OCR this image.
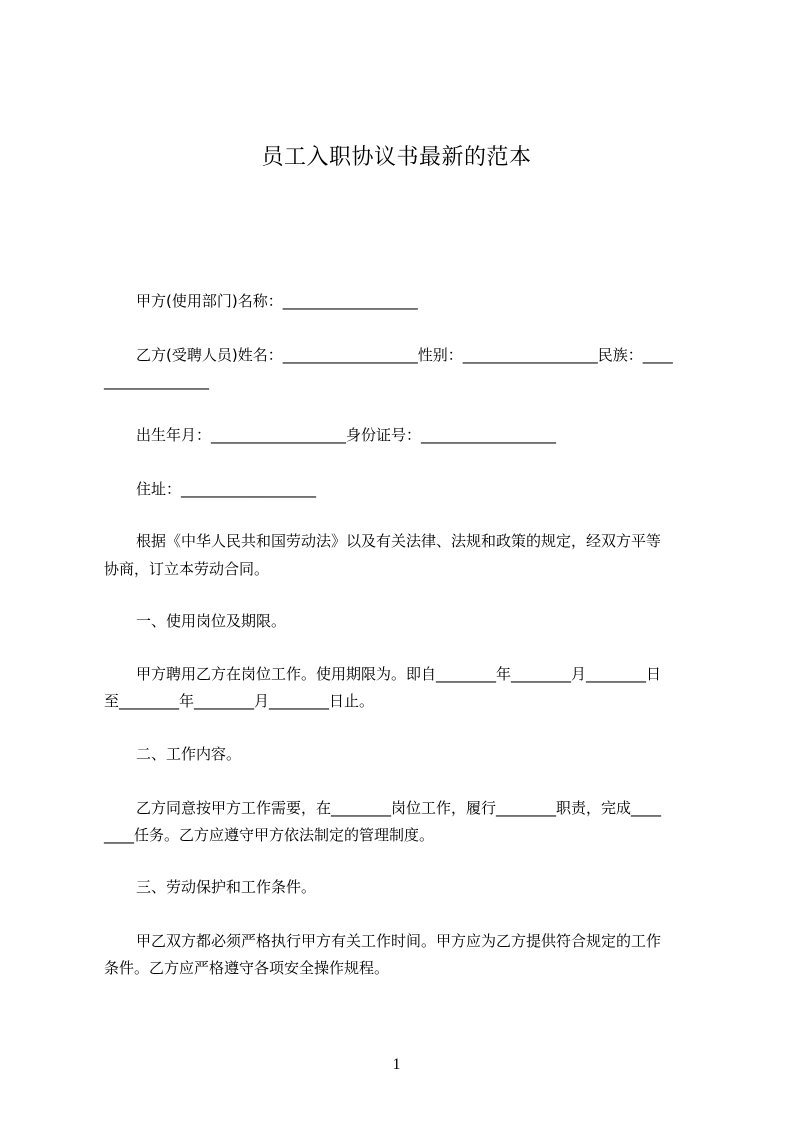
员工入职协议书最新的范本
甲方(使用部门)名称：__________________
乙方(受聘人员)姓名：__________________性别：__________________民族：____
______________
出生年月：__________________身份证号：__________________
住址：__________________
根据《中华人民共和国劳动法》以及有关法律、法规和政策的规定，经双方平等
协商，订立本劳动合同。
一、使用岗位及期限。
甲方聘用乙方在岗位工作。使用期限为。即自________年________月________日
至________年________月________日止。
二、工作内容。
乙方同意按甲方工作需要，在________岗位工作，履行________职责，完成____
____任务。乙方应遵守甲方依法制定的管理制度。
三、劳动保护和工作条件。
甲乙双方都必须严格执行甲方有关工作时间。甲方应为乙方提供符合规定的工作
条件。乙方应严格遵守各项安全操作规程。
1
